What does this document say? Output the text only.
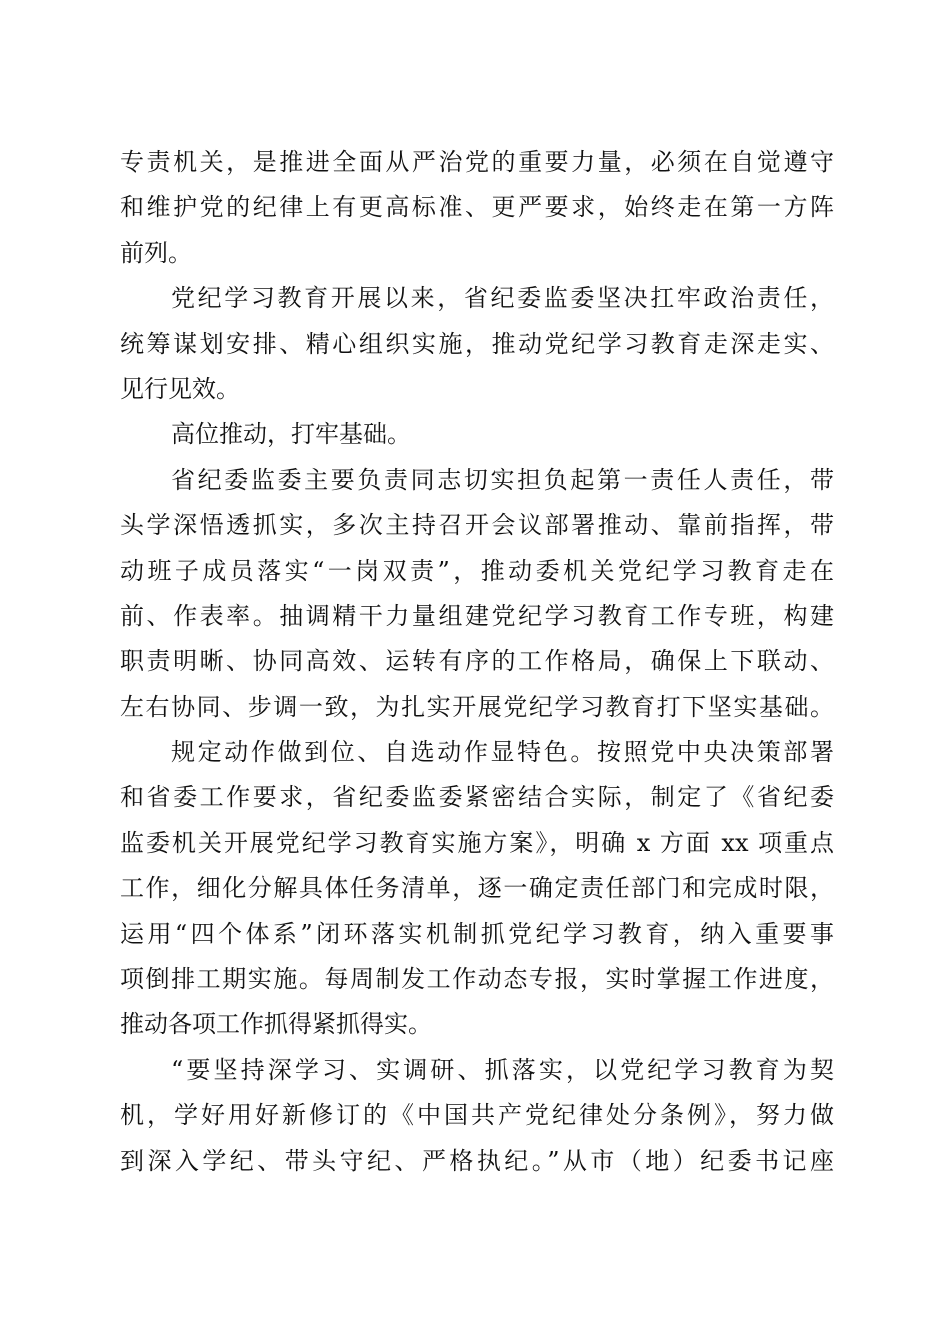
专责机关，是推进全面从严治党的重要力量，必须在自觉遵守
和维护党的纪律上有更高标准、更严要求，始终走在第一方阵
前列。
党纪学习教育开展以来，省纪委监委坚决扛牢政治责任，
统筹谋划安排、精心组织实施，推动党纪学习教育走深走实、
见行见效。
高位推动，打牢基础。
省纪委监委主要负责同志切实担负起第一责任人责任，带
头学深悟透抓实，多次主持召开会议部署推动、靠前指挥，带
动班子成员落实“一岗双责”，推动委机关党纪学习教育走在
前、作表率。抽调精干力量组建党纪学习教育工作专班，构建
职责明晰、协同高效、运转有序的工作格局，确保上下联动、
左右协同、步调一致，为扎实开展党纪学习教育打下坚实基础。
规定动作做到位、自选动作显特色。按照党中央决策部署
和省委工作要求，省纪委监委紧密结合实际，制定了《省纪委
监委机关开展党纪学习教育实施方案》，明确 x 方面 xx 项重点
工作，细化分解具体任务清单，逐一确定责任部门和完成时限，
运用“四个体系”闭环落实机制抓党纪学习教育，纳入重要事
项倒排工期实施。每周制发工作动态专报，实时掌握工作进度，
推动各项工作抓得紧抓得实。
“要坚持深学习、实调研、抓落实，以党纪学习教育为契
机，学好用好新修订的《中国共产党纪律处分条例》，努力做
到深入学纪、带头守纪、严格执纪。”从市（地）纪委书记座
